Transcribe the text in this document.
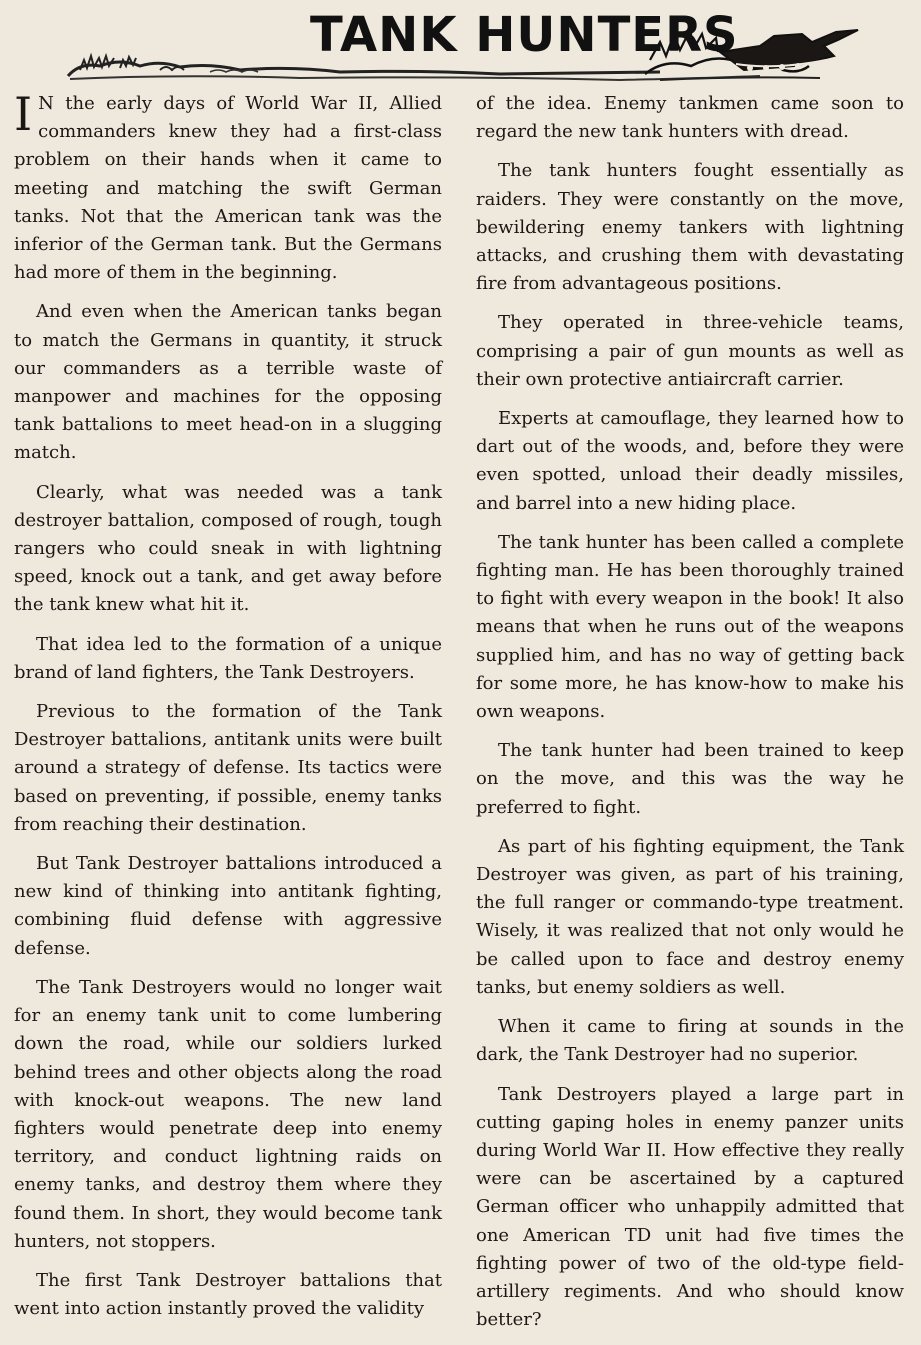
TANK HUNTERS

I N the early days of World War II, Allied commanders knew they had a first-class problem on their hands when it came to meeting and matching the swift German tanks. Not that the American tank was the inferior of the German tank. But the Germans had more of them in the beginning.

And even when the American tanks began to match the Germans in quantity, it struck our commanders as a terrible waste of manpower and machines for the opposing tank battalions to meet head-on in a slugging match.

Clearly, what was needed was a tank destroyer battalion, composed of rough, tough rangers who could sneak in with lightning speed, knock out a tank, and get away before the tank knew what hit it.

That idea led to the formation of a unique brand of land fighters, the Tank Destroyers.

Previous to the formation of the Tank Destroyer battalions, antitank units were built around a strategy of defense. Its tactics were based on preventing, if possible, enemy tanks from reaching their destination.

But Tank Destroyer battalions introduced a new kind of thinking into antitank fighting, combining fluid defense with aggressive defense.

The Tank Destroyers would no longer wait for an enemy tank unit to come lumbering down the road, while our soldiers lurked behind trees and other objects along the road with knock-out weapons. The new land fighters would penetrate deep into enemy territory, and conduct lightning raids on enemy tanks, and destroy them where they found them. In short, they would become tank hunters, not stoppers.

The first Tank Destroyer battalions that went into action instantly proved the validity

of the idea. Enemy tankmen came soon to regard the new tank hunters with dread.

The tank hunters fought essentially as raiders. They were constantly on the move, bewildering enemy tankers with lightning attacks, and crushing them with devastating fire from advantageous positions.

They operated in three-vehicle teams, comprising a pair of gun mounts as well as their own protective antiaircraft carrier.

Experts at camouflage, they learned how to dart out of the woods, and, before they were even spotted, unload their deadly missiles, and barrel into a new hiding place.

The tank hunter has been called a complete fighting man. He has been thoroughly trained to fight with every weapon in the book! It also means that when he runs out of the weapons supplied him, and has no way of getting back for some more, he has know-how to make his own weapons.

The tank hunter had been trained to keep on the move, and this was the way he preferred to fight.

As part of his fighting equipment, the Tank Destroyer was given, as part of his training, the full ranger or commando-type treatment. Wisely, it was realized that not only would he be called upon to face and destroy enemy tanks, but enemy soldiers as well.

When it came to firing at sounds in the dark, the Tank Destroyer had no superior.

Tank Destroyers played a large part in cutting gaping holes in enemy panzer units during World War II. How effective they really were can be ascertained by a captured German officer who unhappily admitted that one American TD unit had five times the fighting power of two of the old-type field-artillery regiments. And who should know better?
